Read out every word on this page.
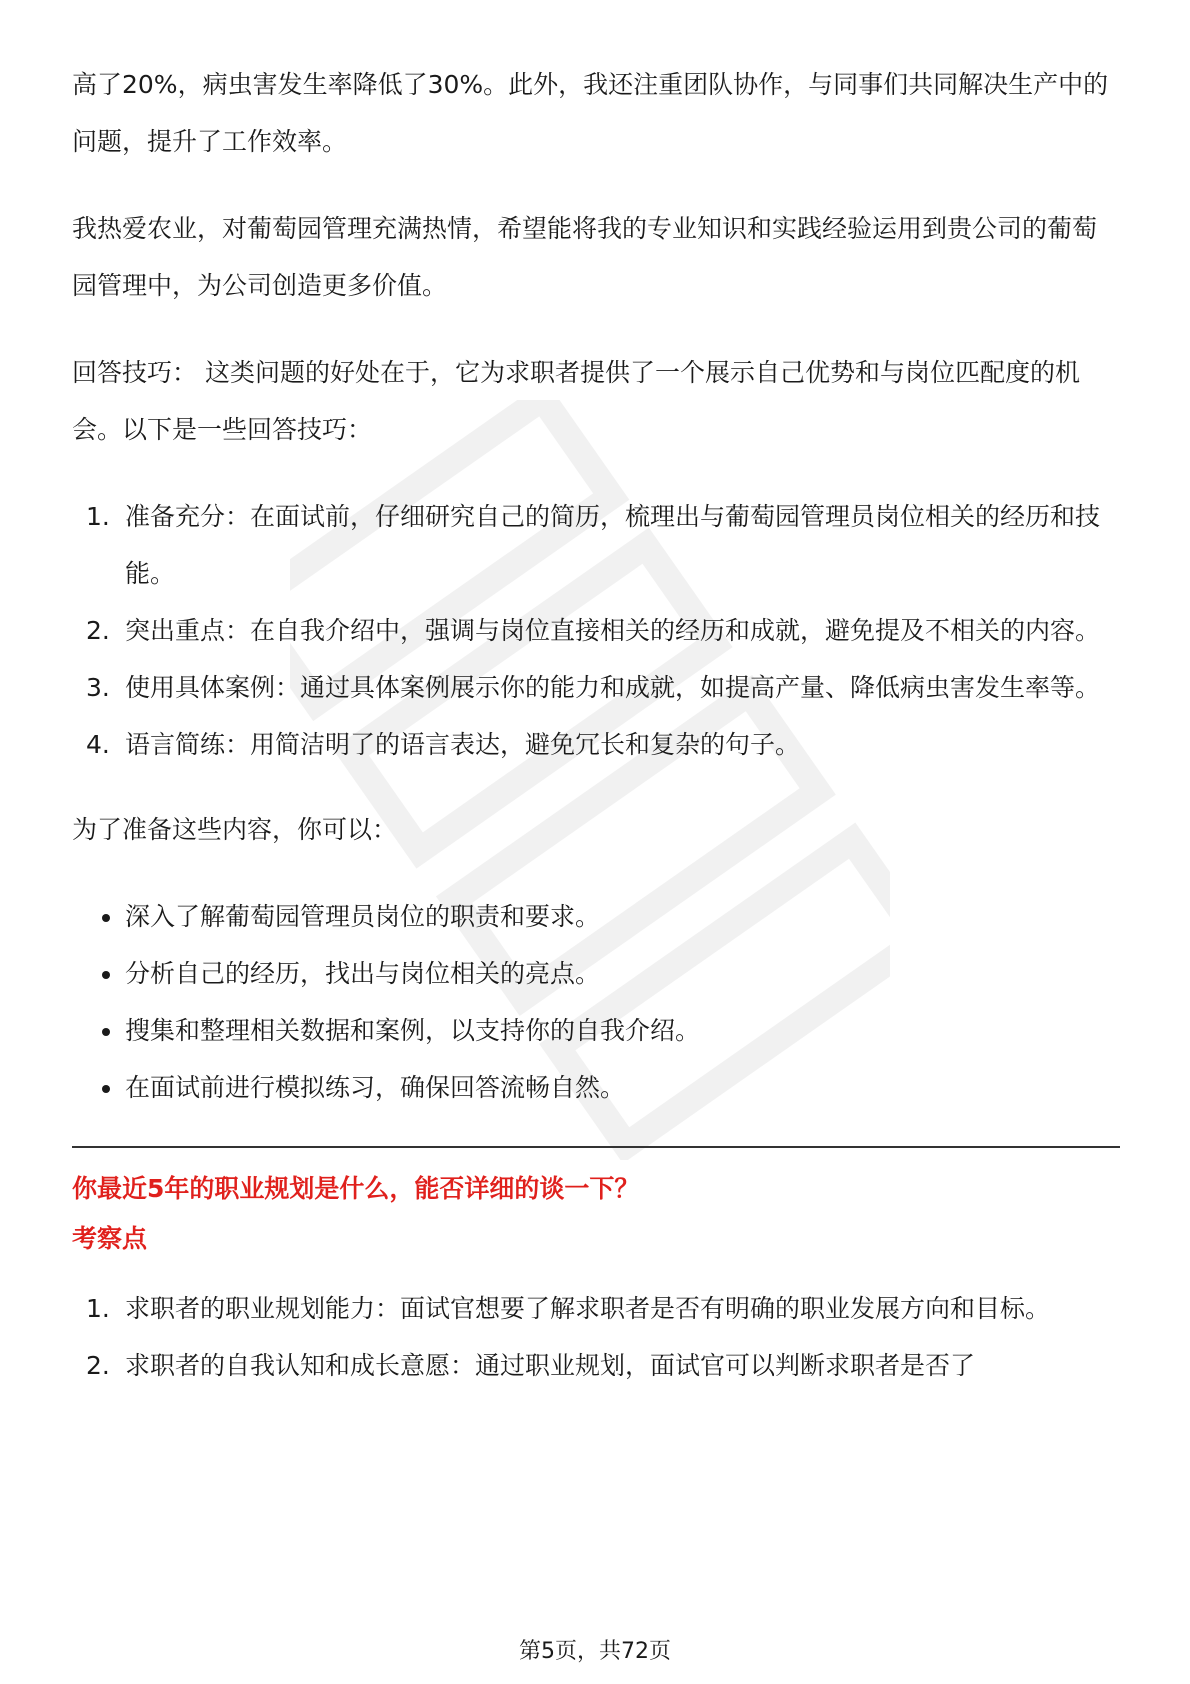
高了20%，病虫害发生率降低了30%。此外，我还注重团队协作，与同事们共同解决生产中的问题，提升了工作效率。

我热爱农业，对葡萄园管理充满热情，希望能将我的专业知识和实践经验运用到贵公司的葡萄园管理中，为公司创造更多价值。

回答技巧： 这类问题的好处在于，它为求职者提供了一个展示自己优势和与岗位匹配度的机会。以下是一些回答技巧：

1. 准备充分：在面试前，仔细研究自己的简历，梳理出与葡萄园管理员岗位相关的经历和技能。
2. 突出重点：在自我介绍中，强调与岗位直接相关的经历和成就，避免提及不相关的内容。
3. 使用具体案例：通过具体案例展示你的能力和成就，如提高产量、降低病虫害发生率等。
4. 语言简练：用简洁明了的语言表达，避免冗长和复杂的句子。

为了准备这些内容，你可以：

深入了解葡萄园管理员岗位的职责和要求。
分析自己的经历，找出与岗位相关的亮点。
搜集和整理相关数据和案例，以支持你的自我介绍。
在面试前进行模拟练习，确保回答流畅自然。

你最近5年的职业规划是什么，能否详细的谈一下？

考察点

1. 求职者的职业规划能力：面试官想要了解求职者是否有明确的职业发展方向和目标。
2. 求职者的自我认知和成长意愿：通过职业规划，面试官可以判断求职者是否了
第5页，共72页
